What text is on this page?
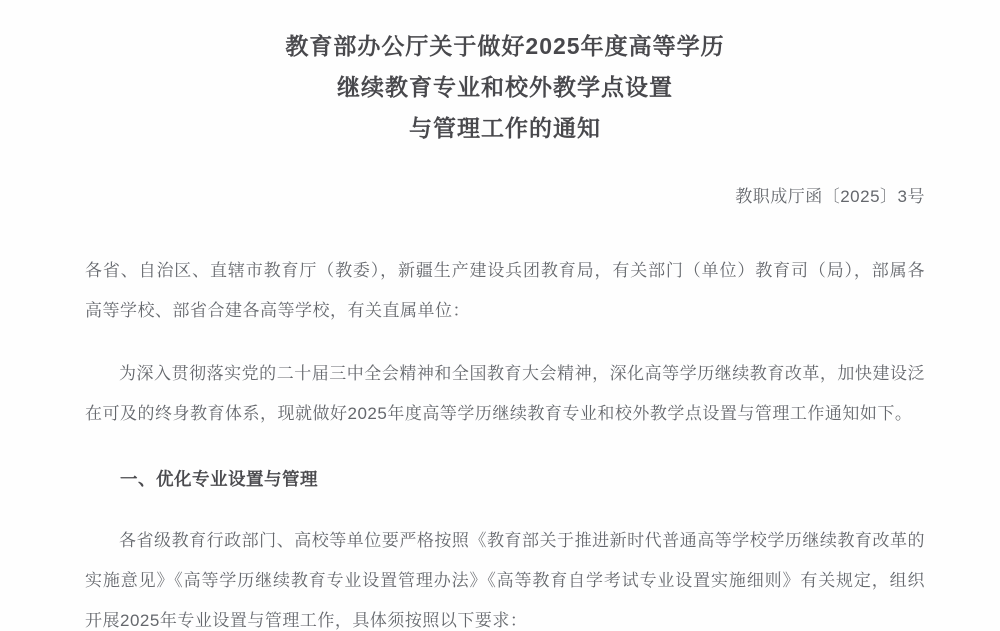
教育部办公厅关于做好2025年度高等学历
继续教育专业和校外教学点设置
与管理工作的通知
教职成厅函〔2025〕3号

各省、自治区、直辖市教育厅（教委），新疆生产建设兵团教育局，有关部门（单位）教育司（局），部属各高等学校、部省合建各高等学校，有关直属单位：

为深入贯彻落实党的二十届三中全会精神和全国教育大会精神，深化高等学历继续教育改革，加快建设泛在可及的终身教育体系，现就做好2025年度高等学历继续教育专业和校外教学点设置与管理工作通知如下。

一、优化专业设置与管理

各省级教育行政部门、高校等单位要严格按照《教育部关于推进新时代普通高等学校学历继续教育改革的实施意见》《高等学历继续教育专业设置管理办法》《高等教育自学考试专业设置实施细则》有关规定，组织开展2025年专业设置与管理工作，具体须按照以下要求：
